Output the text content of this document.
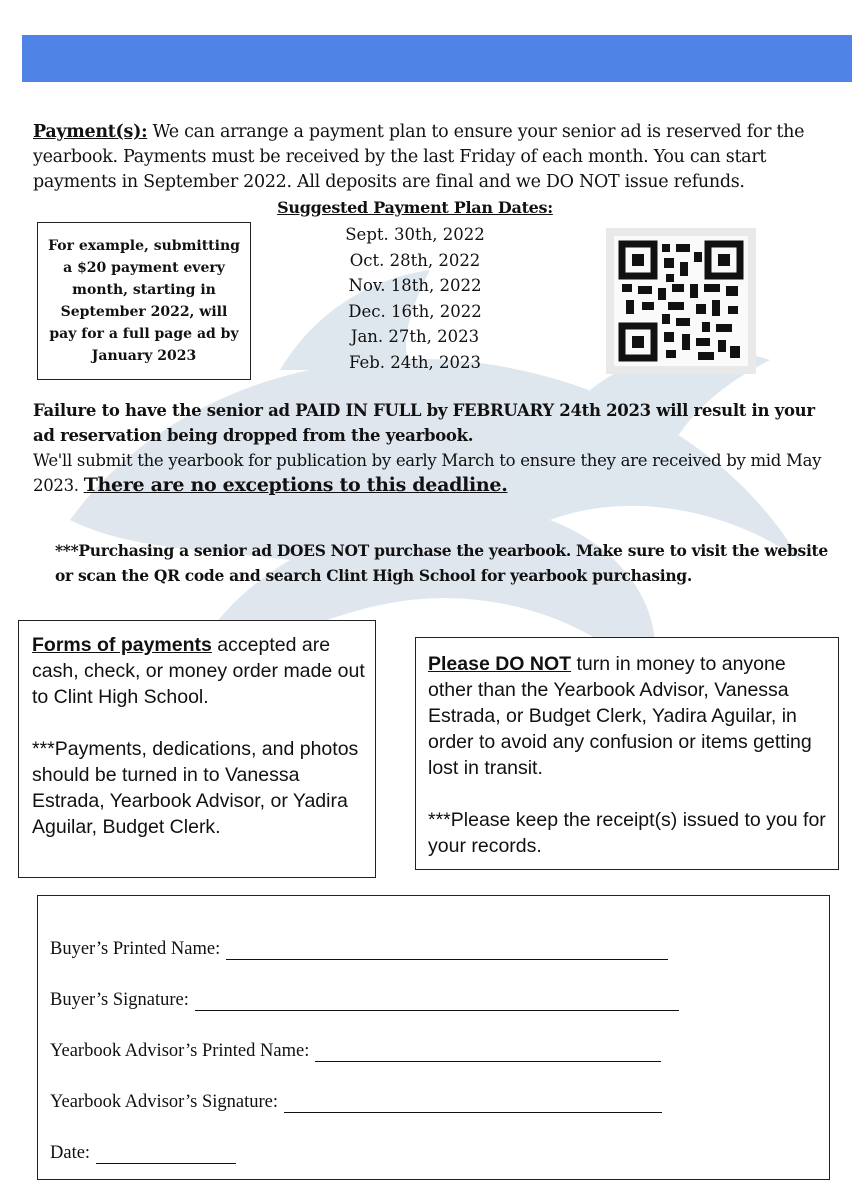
Payment(s): We can arrange a payment plan to ensure your senior ad is reserved for the yearbook. Payments must be received by the last Friday of each month. You can start payments in September 2022. All deposits are final and we DO NOT issue refunds.
Suggested Payment Plan Dates:
Sept. 30th, 2022
Oct. 28th, 2022
Nov. 18th, 2022
Dec. 16th, 2022
Jan. 27th, 2023
Feb. 24th, 2023
For example, submitting a $20 payment every month, starting in September 2022, will pay for a full page ad by January 2023
Failure to have the senior ad PAID IN FULL by FEBRUARY 24th 2023 will result in your ad reservation being dropped from the yearbook.
We'll submit the yearbook for publication by early March to ensure they are received by mid May 2023. There are no exceptions to this deadline.
***Purchasing a senior ad DOES NOT purchase the yearbook. Make sure to visit the website or scan the QR code and search Clint High School for yearbook purchasing.

Forms of payments accepted are cash, check, or money order made out to Clint High School.

***Payments, dedications, and photos should be turned in to Vanessa Estrada, Yearbook Advisor, or Yadira Aguilar, Budget Clerk.

Please DO NOT turn in money to anyone other than the Yearbook Advisor, Vanessa Estrada, or Budget Clerk, Yadira Aguilar, in order to avoid any confusion or items getting lost in transit.

***Please keep the receipt(s) issued to you for your records.

Buyer’s Printed Name:
Buyer’s Signature:
Yearbook Advisor’s Printed Name:
Yearbook Advisor’s Signature:
Date:
